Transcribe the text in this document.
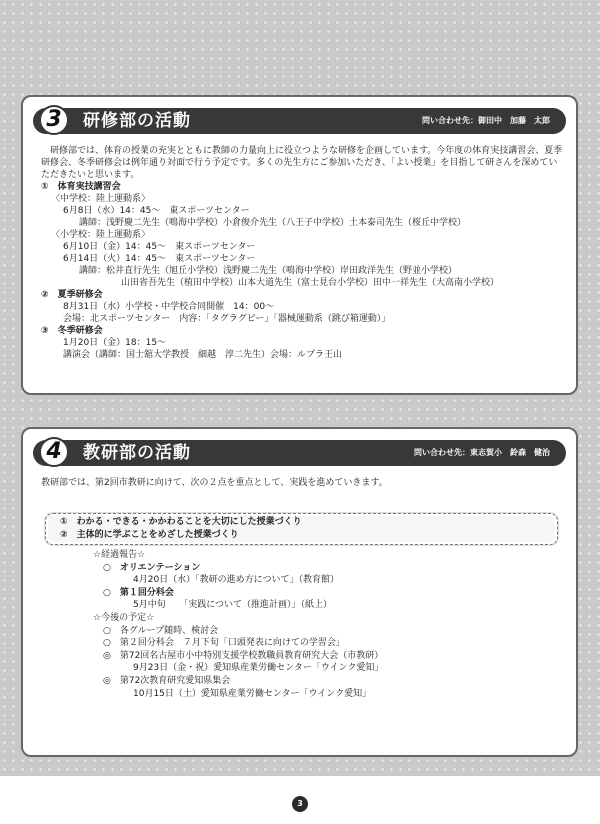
3	研修部の活動	問い合わせ先：御田中　加藤　太郎
研修部では、体育の授業の充実とともに教師の力量向上に役立つような研修を企画しています。今年度の体育実技講習会、夏季研修会、冬季研修会は例年通り対面で行う予定です。多くの先生方にご参加いただき、「よい授業」を目指して研さんを深めていただきたいと思います。
①　体育実技講習会
〈中学校：陸上運動系〉
6月8日（水）14：45～　東スポーツセンター
講師：浅野慶二先生（鳴海中学校）小倉俊介先生（八王子中学校）土本泰司先生（桜丘中学校）
〈小学校：陸上運動系〉
6月10日（金）14：45～　東スポーツセンター
6月14日（火）14：45～　東スポーツセンター
講師：松井直行先生（旭丘小学校）浅野慶二先生（鳴海中学校）岸田政洋先生（野並小学校）
山田省吾先生（植田中学校）山本大道先生（富士見台小学校）田中一祥先生（大高南小学校）
②　夏季研修会
8月31日（水）小学校・中学校合同開催　14：00～
会場：北スポーツセンター　内容：「タグラグビー」「器械運動系（跳び箱運動）」
③　冬季研修会
1月20日（金）18：15～
講演会（講師：国士舘大学教授　細越　淳二先生）会場：ルプラ王山
4	教研部の活動	問い合わせ先：東志賀小　鈴森　健治
教研部では、第2回市教研に向けて、次の２点を重点として、実践を進めていきます。
①　わかる・できる・かかわることを大切にした授業づくり
②　主体的に学ぶことをめざした授業づくり
☆経過報告☆
○　オリエンテーション
4月20日（水）「教研の進め方について」（教育館）
○　第１回分科会
5月中旬　　「実践について（推進計画）」（紙上）
☆今後の予定☆
○　各グループ随時、検討会
○　第２回分科会　７月下旬「口頭発表に向けての学習会」
◎　第72回名古屋市小中特別支援学校教職員教育研究大会（市教研）
9月23日（金・祝）愛知県産業労働センター「ウインク愛知」
◎　第72次教育研究愛知県集会
10月15日（土）愛知県産業労働センター「ウインク愛知」
3
